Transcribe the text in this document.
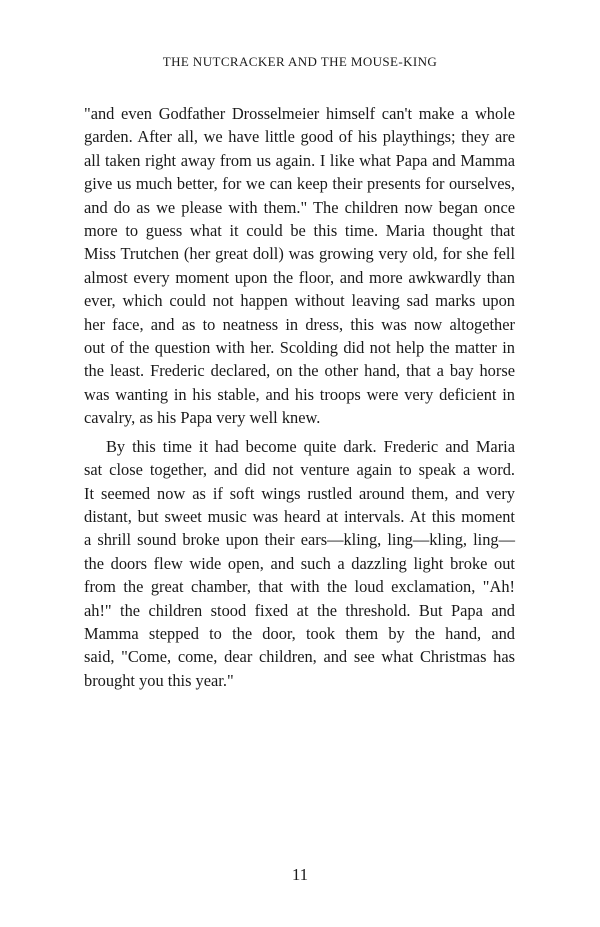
THE NUTCRACKER AND THE MOUSE-KING
"and even Godfather Drosselmeier himself can't make a whole
garden. After all, we have little good of his playthings; they are
all taken right away from us again. I like what Papa and Mamma
give us much better, for we can keep their presents for ourselves,
and do as we please with them." The children now began once
more to guess what it could be this time. Maria thought that
Miss Trutchen (her great doll) was growing very old, for she fell
almost every moment upon the floor, and more awkwardly than
ever, which could not happen without leaving sad marks upon
her face, and as to neatness in dress, this was now altogether
out of the question with her. Scolding did not help the matter in
the least. Frederic declared, on the other hand, that a bay horse
was wanting in his stable, and his troops were very deficient in
cavalry, as his Papa very well knew.
By this time it had become quite dark. Frederic and Maria
sat close together, and did not venture again to speak a word.
It seemed now as if soft wings rustled around them, and very
distant, but sweet music was heard at intervals. At this moment
a shrill sound broke upon their ears—kling, ling—kling, ling—
the doors flew wide open, and such a dazzling light broke out
from the great chamber, that with the loud exclamation, "Ah!
ah!" the children stood fixed at the threshold. But Papa and
Mamma stepped to the door, took them by the hand, and
said, "Come, come, dear children, and see what Christmas has
brought you this year."
11
